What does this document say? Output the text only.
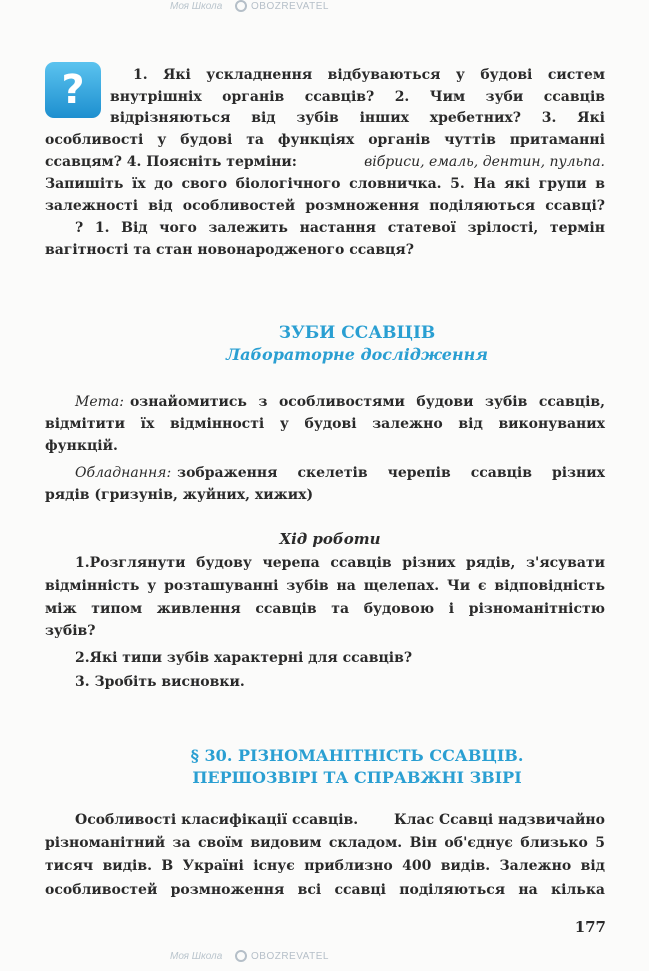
Моя Школа	OBOZREVATEL
Моя Школа	OBOZREVATEL
?	1. Які ускладнення відбуваються у будові систем
внутрішніх органів ссавців? 2. Чим зуби ссавців
відрізняються від зубів інших хребетних? 3. Які
особливості у будові та функціях органів чуттів притаманні
ссавцям? 4. Поясніть терміни:	вібриси, емаль, дентин, пульпа.
Запишіть їх до свого біологічного словничка. 5. На які групи в
залежності від особливостей розмноження поділяються ссавці?
? 1. Від чого залежить настання статевої зрілості, термін
вагітності та стан новонародженого ссавця?
ЗУБИ ССАВЦІВ
Лабораторне дослідження
Мета: ознайомитись з особливостями будови зубів ссавців,
відмітити їх відмінності у будові залежно від виконуваних
функцій.
Обладнання: зображення скелетів черепів ссавців різних
рядів (гризунів, жуйних, хижих)
Хід роботи
1.Розглянути будову черепа ссавців різних рядів, з'ясувати
відмінність у розташуванні зубів на щелепах. Чи є відповідність
між типом живлення ссавців та будовою і різноманітністю
зубів?
2.Які типи зубів характерні для ссавців?
3. Зробіть висновки.
§ 30. РІЗНОМАНІТНІСТЬ ССАВЦІВ.
ПЕРШОЗВІРІ ТА СПРАВЖНІ ЗВІРІ
Особливості класифікації ссавців.	Клас Ссавці надзвичайно
різноманітний за своїм видовим складом. Він об'єднує близько 5
тисяч видів. В Україні існує приблизно 400 видів. Залежно від
особливостей розмноження всі ссавці поділяються на кілька
177
